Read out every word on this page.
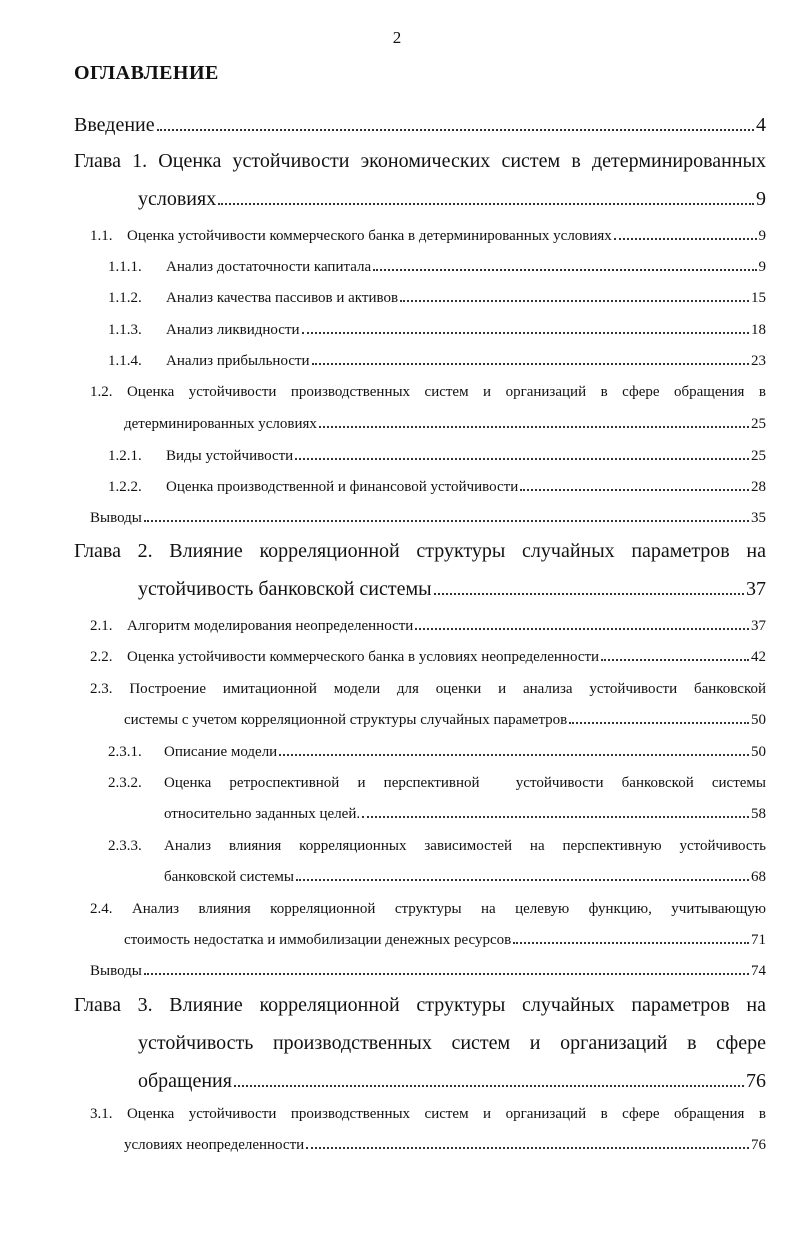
2
ОГЛАВЛЕНИЕ
Введение	4
Глава 1. Оценка устойчивости экономических систем в детерминированных
условиях	9
1.1. Оценка устойчивости коммерческого банка в детерминированных условиях	9
1.1.1.	Анализ достаточности капитала	9
1.1.2.	Анализ качества пассивов и активов	15
1.1.3.	Анализ ликвидности	18
1.1.4.	Анализ прибыльности	23
1.2. Оценка устойчивости производственных систем и организаций в сфере обращения в
детерминированных условиях	25
1.2.1.	Виды устойчивости	25
1.2.2.	Оценка производственной и финансовой устойчивости	28
Выводы	35
Глава 2. Влияние корреляционной структуры случайных параметров на
устойчивость банковской системы	37
2.1. Алгоритм моделирования неопределенности	37
2.2. Оценка устойчивости коммерческого банка в условиях неопределенности	42
2.3. Построение имитационной модели для оценки и анализа устойчивости банковской
системы с учетом корреляционной структуры случайных параметров	50
2.3.1.	Описание модели	50
2.3.2.	Оценка ретроспективной и перспективной  устойчивости банковской системы
относительно заданных целей.	58
2.3.3.	Анализ влияния корреляционных зависимостей на перспективную устойчивость
банковской системы	68
2.4. Анализ влияния корреляционной структуры на целевую функцию, учитывающую
стоимость недостатка и иммобилизации денежных ресурсов	71
Выводы	74
Глава 3. Влияние корреляционной структуры случайных параметров на
устойчивость производственных систем и организаций в сфере
обращения	76
3.1. Оценка устойчивости производственных систем и организаций в сфере обращения в
условиях неопределенности	76
